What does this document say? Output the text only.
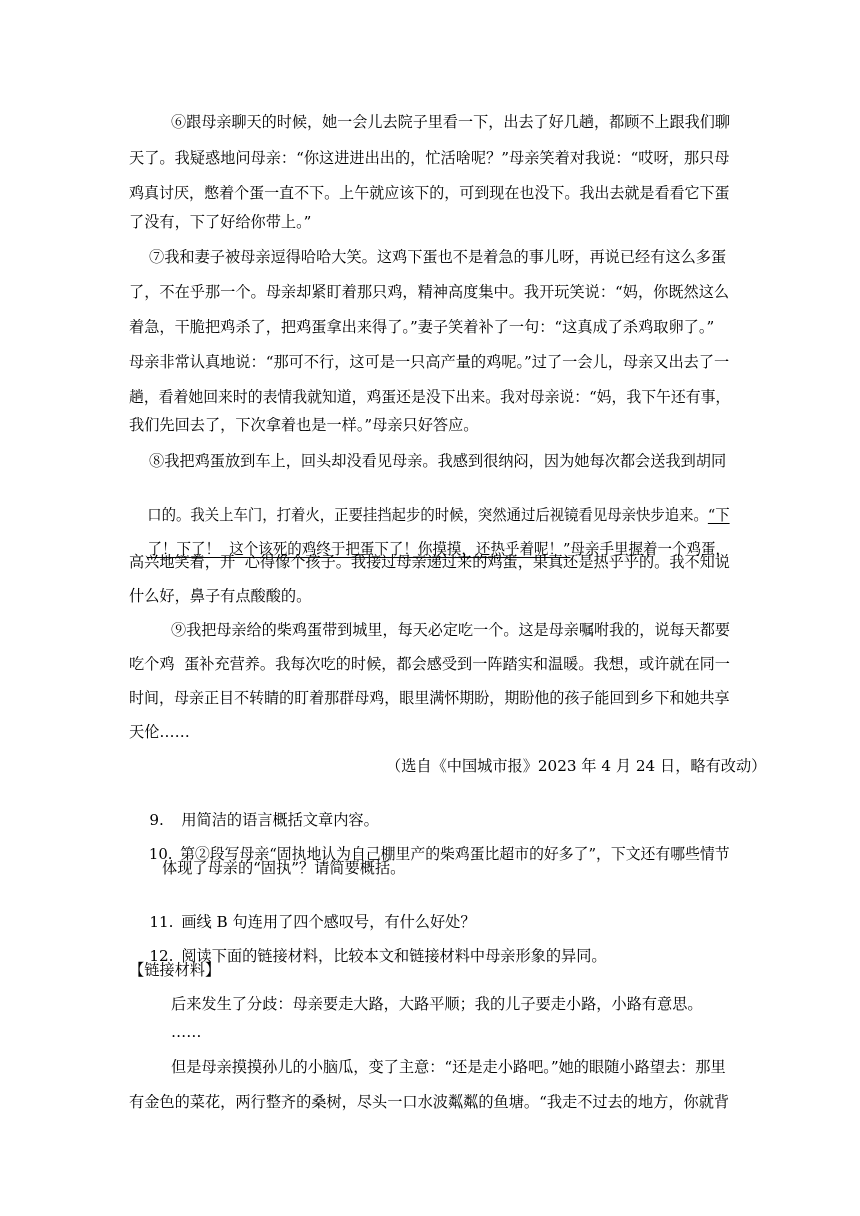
⑥跟母亲聊天的时候，她一会儿去院子里看一下，出去了好几趟，都顾不上跟我们聊
天了。我疑惑地问母亲：“你这进进出出的，忙活啥呢？”母亲笑着对我说：“哎呀，那只母
鸡真讨厌，憋着个蛋一直不下。上午就应该下的，可到现在也没下。我出去就是看看它下蛋
了没有，下了好给你带上。”
⑦我和妻子被母亲逗得哈哈大笑。这鸡下蛋也不是着急的事儿呀，再说已经有这么多蛋
了，不在乎那一个。母亲却紧盯着那只鸡，精神高度集中。我开玩笑说：“妈，你既然这么
着急，干脆把鸡杀了，把鸡蛋拿出来得了。”妻子笑着补了一句：“这真成了杀鸡取卵了。”
母亲非常认真地说：“那可不行，这可是一只高产量的鸡呢。”过了一会儿，母亲又出去了一
趟，看着她回来时的表情我就知道，鸡蛋还是没下出来。我对母亲说：“妈，我下午还有事，
我们先回去了，下次拿着也是一样。”母亲只好答应。
⑧我把鸡蛋放到车上，回头却没看见母亲。我感到很纳闷，因为她每次都会送我到胡同

口的。我关上车门，打着火，正要挂挡起步的时候，突然通过后视镜看见母亲快步追来。“下

了！下了！  这个该死的鸡终于把蛋下了！你摸摸，还热乎着呢！”母亲手里握着一个鸡蛋，

高兴地笑着，开  心得像个孩子。我接过母亲递过来的鸡蛋，果真还是热乎乎的。我不知说
什么好，鼻子有点酸酸的。
⑨我把母亲给的柴鸡蛋带到城里，每天必定吃一个。这是母亲嘱咐我的，说每天都要
吃个鸡  蛋补充营养。我每次吃的时候，都会感受到一阵踏实和温暖。我想，或许就在同一
时间，母亲正目不转睛的盯着那群母鸡，眼里满怀期盼，期盼他的孩子能回到乡下和她共享
天伦……
（选自《中国城市报》2023 年 4 月 24 日，略有改动）

9. 用简洁的语言概括文章内容。

10. 第②段写母亲“固执地认为自己棚里产的柴鸡蛋比超市的好多了”，下文还有哪些情节

体现了母亲的“固执”？请简要概括。

11. 画线 B 句连用了四个感叹号，有什么好处？

12. 阅读下面的链接材料，比较本文和链接材料中母亲形象的异同。

【链接材料】
后来发生了分歧：母亲要走大路，大路平顺；我的儿子要走小路，小路有意思。
……
但是母亲摸摸孙儿的小脑瓜，变了主意：“还是走小路吧。”她的眼随小路望去：那里
有金色的菜花，两行整齐的桑树，尽头一口水波粼粼的鱼塘。“我走不过去的地方，你就背
